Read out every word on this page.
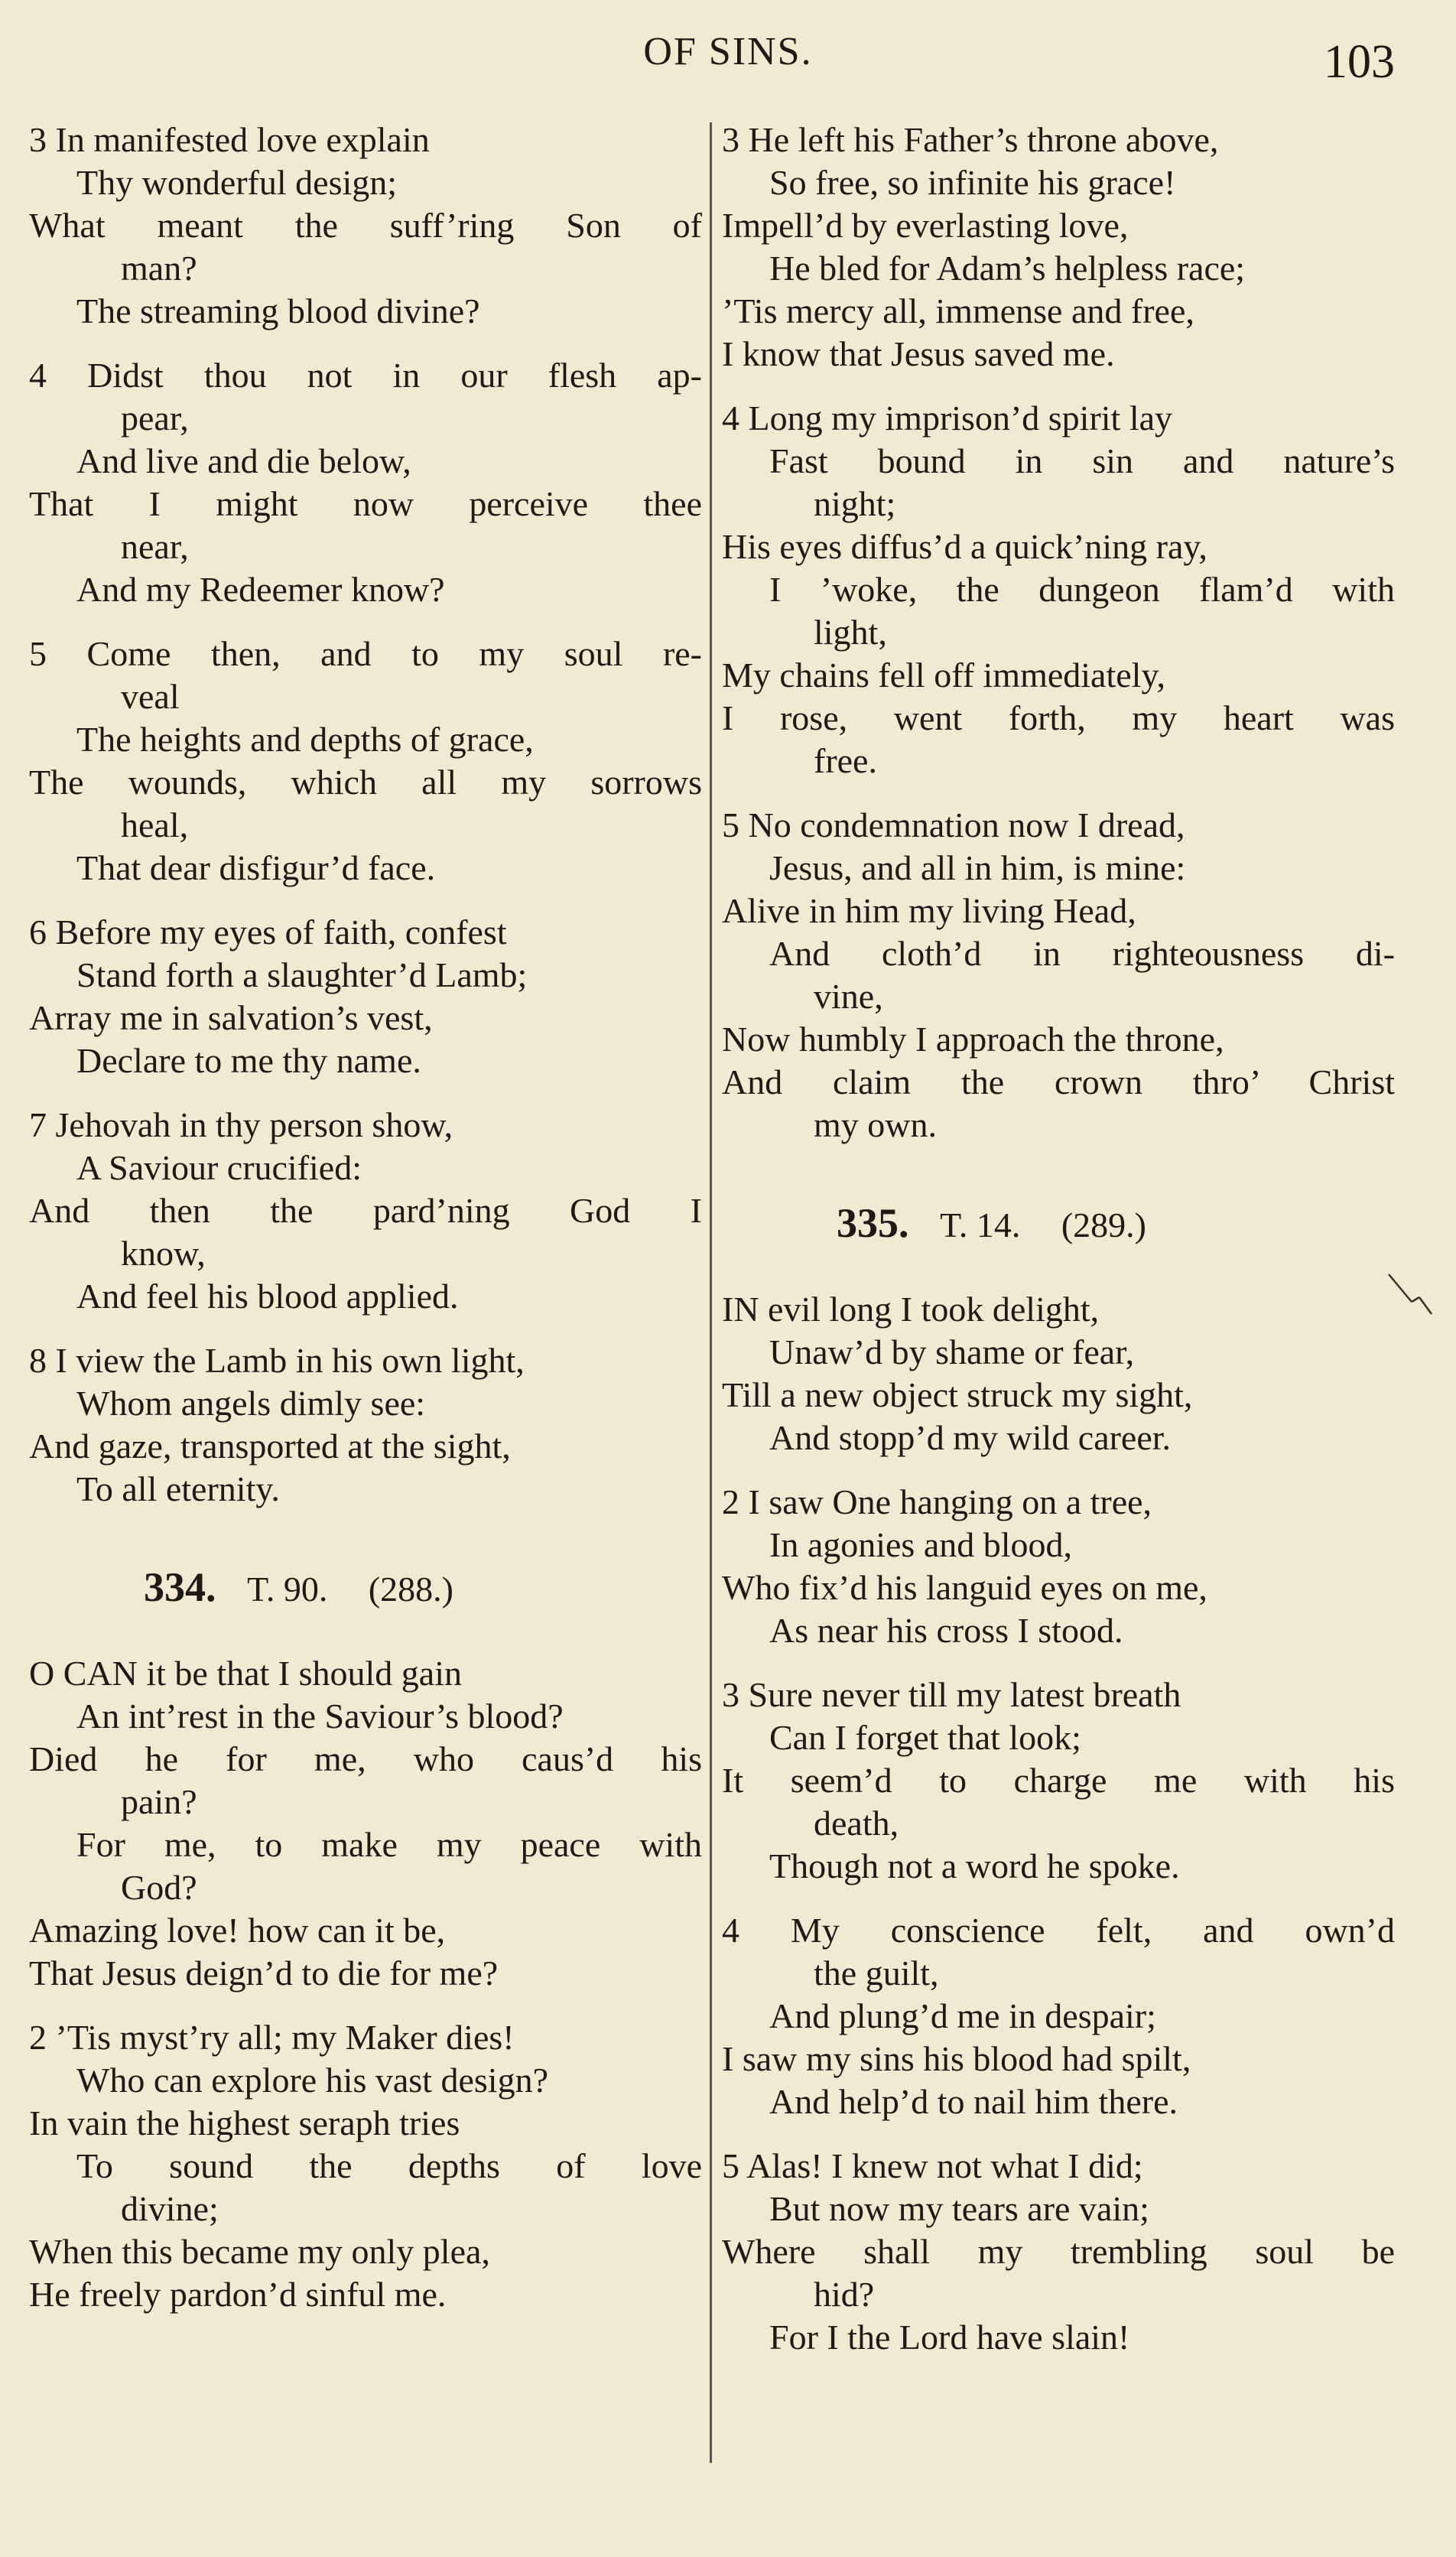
OF SINS.	103
3 In manifested love explain
Thy wonderful design;
What meant the suff’ring Son of
man?
The streaming blood divine?
4 Didst thou not in our flesh ap-
pear,
And live and die below,
That I might now perceive thee
near,
And my Redeemer know?
5 Come then, and to my soul re-
veal
The heights and depths of grace,
The wounds, which all my sorrows
heal,
That dear disfigur’d face.
6 Before my eyes of faith, confest
Stand forth a slaughter’d Lamb;
Array me in salvation’s vest,
Declare to me thy name.
7 Jehovah in thy person show,
A Saviour crucified:
And then the pard’ning God I
know,
And feel his blood applied.
8 I view the Lamb in his own light,
Whom angels dimly see:
And gaze, transported at the sight,
To all eternity.
334. T. 90. (288.)
O CAN it be that I should gain
An int’rest in the Saviour’s blood?
Died he for me, who caus’d his
pain?
For me, to make my peace with
God?
Amazing love! how can it be,
That Jesus deign’d to die for me?
2 ’Tis myst’ry all; my Maker dies!
Who can explore his vast design?
In vain the highest seraph tries
To sound the depths of love
divine;
When this became my only plea,
He freely pardon’d sinful me.
3 He left his Father’s throne above,
So free, so infinite his grace!
Impell’d by everlasting love,
He bled for Adam’s helpless race;
’Tis mercy all, immense and free,
I know that Jesus saved me.
4 Long my imprison’d spirit lay
Fast bound in sin and nature’s
night;
His eyes diffus’d a quick’ning ray,
I ’woke, the dungeon flam’d with
light,
My chains fell off immediately,
I rose, went forth, my heart was
free.
5 No condemnation now I dread,
Jesus, and all in him, is mine:
Alive in him my living Head,
And cloth’d in righteousness di-
vine,
Now humbly I approach the throne,
And claim the crown thro’ Christ
my own.
335. T. 14. (289.)
IN evil long I took delight,
Unaw’d by shame or fear,
Till a new object struck my sight,
And stopp’d my wild career.
2 I saw One hanging on a tree,
In agonies and blood,
Who fix’d his languid eyes on me,
As near his cross I stood.
3 Sure never till my latest breath
Can I forget that look;
It seem’d to charge me with his
death,
Though not a word he spoke.
4 My conscience felt, and own’d
the guilt,
And plung’d me in despair;
I saw my sins his blood had spilt,
And help’d to nail him there.
5 Alas! I knew not what I did;
But now my tears are vain;
Where shall my trembling soul be
hid?
For I the Lord have slain!
